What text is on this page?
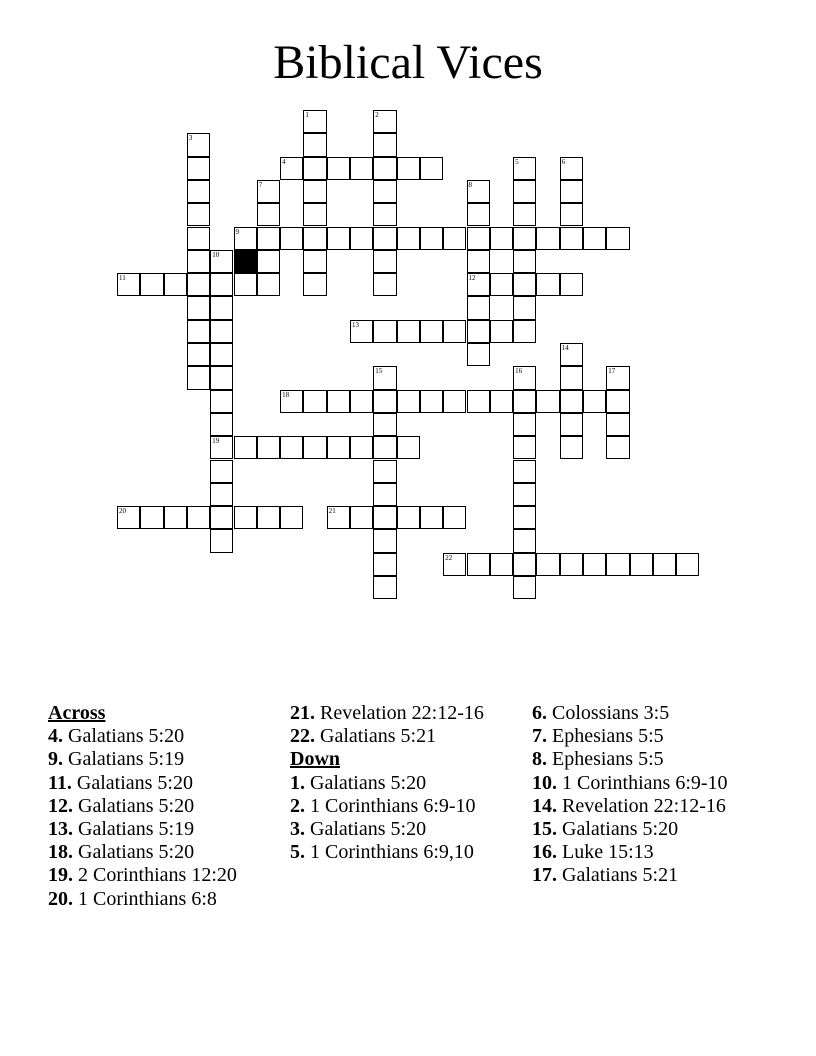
Biblical Vices
1	2
3
4	5	6
7	8
12
9
10
19
11
13
14
15	16	17
18
20	21
22
Across
4. Galatians 5:20
9. Galatians 5:19
11. Galatians 5:20
12. Galatians 5:20
13. Galatians 5:19
18. Galatians 5:20
19. 2 Corinthians 12:20
20. 1 Corinthians 6:8
21. Revelation 22:12-16
22. Galatians 5:21
Down
1. Galatians 5:20
2. 1 Corinthians 6:9-10
3. Galatians 5:20
5. 1 Corinthians 6:9,10
6. Colossians 3:5
7. Ephesians 5:5
8. Ephesians 5:5
10. 1 Corinthians 6:9-10
14. Revelation 22:12-16
15. Galatians 5:20
16. Luke 15:13
17. Galatians 5:21
